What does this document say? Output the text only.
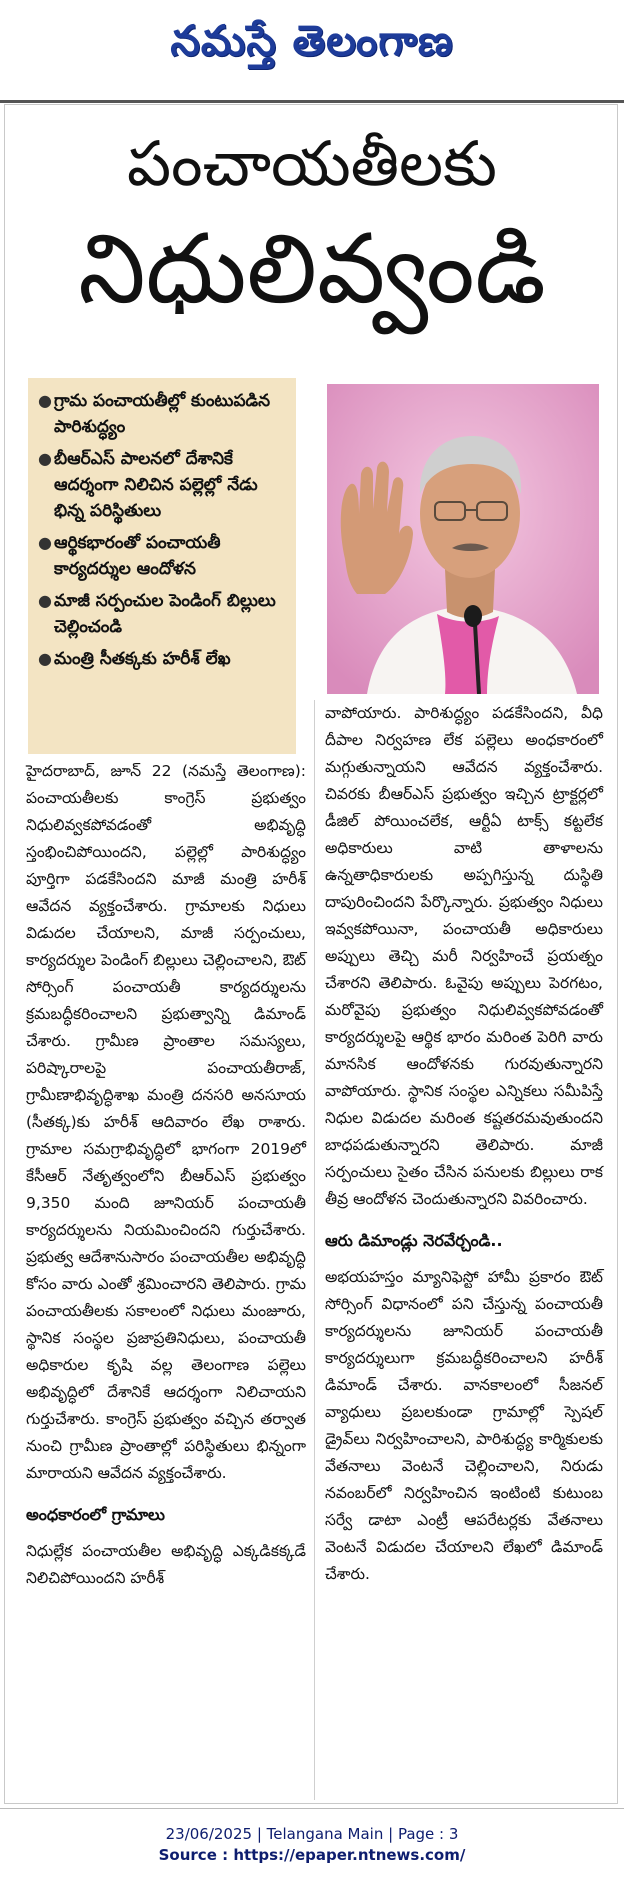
నమస్తే తెలంగాణ
పంచాయతీలకు
నిధులివ్వండి
● గ్రామ పంచాయతీల్లో కుంటుపడిన పారిశుద్ధ్యం
● బీఆర్ఎస్ పాలనలో దేశానికే ఆదర్శంగా నిలిచిన పల్లెల్లో నేడు భిన్న పరిస్థితులు
● ఆర్థికభారంతో పంచాయతీ కార్యదర్శుల ఆందోళన
● మాజీ సర్పంచుల పెండింగ్ బిల్లులు చెల్లించండి
● మంత్రి సీతక్కకు హరీశ్ లేఖ

హైదరాబాద్, జూన్ 22 (నమస్తే తెలంగాణ): పంచాయతీలకు కాంగ్రెస్ ప్రభుత్వం నిధులివ్వకపోవడంతో అభివృద్ధి స్తంభించిపోయిందని, పల్లెల్లో పారిశుద్ధ్యం పూర్తిగా పడకేసిందని మాజీ మంత్రి హరీశ్ ఆవేదన వ్యక్తంచేశారు. గ్రామాలకు నిధులు విడుదల చేయాలని, మాజీ సర్పంచులు, కార్యదర్శుల పెండింగ్ బిల్లులు చెల్లించాలని, ఔట్ సోర్సింగ్ పంచాయతీ కార్యదర్శులను క్రమబద్ధీకరించాలని ప్రభుత్వాన్ని డిమాండ్ చేశారు. గ్రామీణ ప్రాంతాల సమస్యలు, పరిష్కారాలపై పంచాయతీరాజ్, గ్రామీణాభివృద్ధిశాఖ మంత్రి దనసరి అనసూయ (సీతక్క)కు హరీశ్ ఆదివారం లేఖ రాశారు. గ్రామాల సమగ్రాభివృద్ధిలో భాగంగా 2019లో కేసీఆర్ నేతృత్వంలోని బీఆర్ఎస్ ప్రభుత్వం 9,350 మంది జూనియర్ పంచాయతీ కార్యదర్శులను నియమించిందని గుర్తుచేశారు. ప్రభుత్వ ఆదేశానుసారం పంచాయతీల అభివృద్ధి కోసం వారు ఎంతో శ్రమించారని తెలిపారు. గ్రామ పంచాయతీలకు సకాలంలో నిధులు మంజూరు, స్థానిక సంస్థల ప్రజాప్రతినిధులు, పంచాయతీ అధికారుల కృషి వల్ల తెలంగాణ పల్లెలు అభివృద్ధిలో దేశానికే ఆదర్శంగా నిలిచాయని గుర్తుచేశారు. కాంగ్రెస్ ప్రభుత్వం వచ్చిన తర్వాత నుంచి గ్రామీణ ప్రాంతాల్లో పరిస్థితులు భిన్నంగా మారాయని ఆవేదన వ్యక్తంచేశారు.

అంధకారంలో గ్రామాలు

నిధుల్లేక పంచాయతీల అభివృద్ధి ఎక్కడికక్కడే నిలిచిపోయిందని హరీశ్

వాపోయారు. పారిశుద్ధ్యం పడకేసిందని, వీధి దీపాల నిర్వహణ లేక పల్లెలు అంధకారంలో మగ్గుతున్నాయని ఆవేదన వ్యక్తంచేశారు. చివరకు బీఆర్ఎస్ ప్రభుత్వం ఇచ్చిన ట్రాక్టర్లలో డీజిల్ పోయించలేక, ఆర్టీఏ టాక్స్ కట్టలేక అధికారులు వాటి తాళాలను ఉన్నతాధికారులకు అప్పగిస్తున్న దుస్థితి దాపురించిందని పేర్కొన్నారు. ప్రభుత్వం నిధులు ఇవ్వకపోయినా, పంచాయతీ అధికారులు అప్పులు తెచ్చి మరీ నిర్వహించే ప్రయత్నం చేశారని తెలిపారు. ఓవైపు అప్పులు పెరగటం, మరోవైపు ప్రభుత్వం నిధులివ్వకపోవడంతో కార్యదర్శులపై ఆర్థిక భారం మరింత పెరిగి వారు మానసిక ఆందోళనకు గురవుతున్నారని వాపోయారు. స్థానిక సంస్థల ఎన్నికలు సమీపిస్తే నిధుల విడుదల మరింత కష్టతరమవుతుందని బాధపడుతున్నారని తెలిపారు. మాజీ సర్పంచులు సైతం చేసిన పనులకు బిల్లులు రాక తీవ్ర ఆందోళన చెందుతున్నారని వివరించారు.

ఆరు డిమాండ్లు నెరవేర్చండి..

అభయహస్తం మ్యానిఫెస్టో హామీ ప్రకారం ఔట్ సోర్సింగ్ విధానంలో పని చేస్తున్న పంచాయతీ కార్యదర్శులను జూనియర్ పంచాయతీ కార్యదర్శులుగా క్రమబద్ధీకరించాలని హరీశ్ డిమాండ్ చేశారు. వానకాలంలో సీజనల్ వ్యాధులు ప్రబలకుండా గ్రామాల్లో స్పెషల్ డ్రైవ్‌లు నిర్వహించాలని, పారిశుద్ధ్య కార్మికులకు వేతనాలు వెంటనే చెల్లించాలని, నిరుడు నవంబర్‌లో నిర్వహించిన ఇంటింటి కుటుంబ సర్వే డాటా ఎంట్రీ ఆపరేటర్లకు వేతనాలు వెంటనే విడుదల చేయాలని లేఖలో డిమాండ్ చేశారు.

23/06/2025 | Telangana Main | Page : 3
Source : https://epaper.ntnews.com/
